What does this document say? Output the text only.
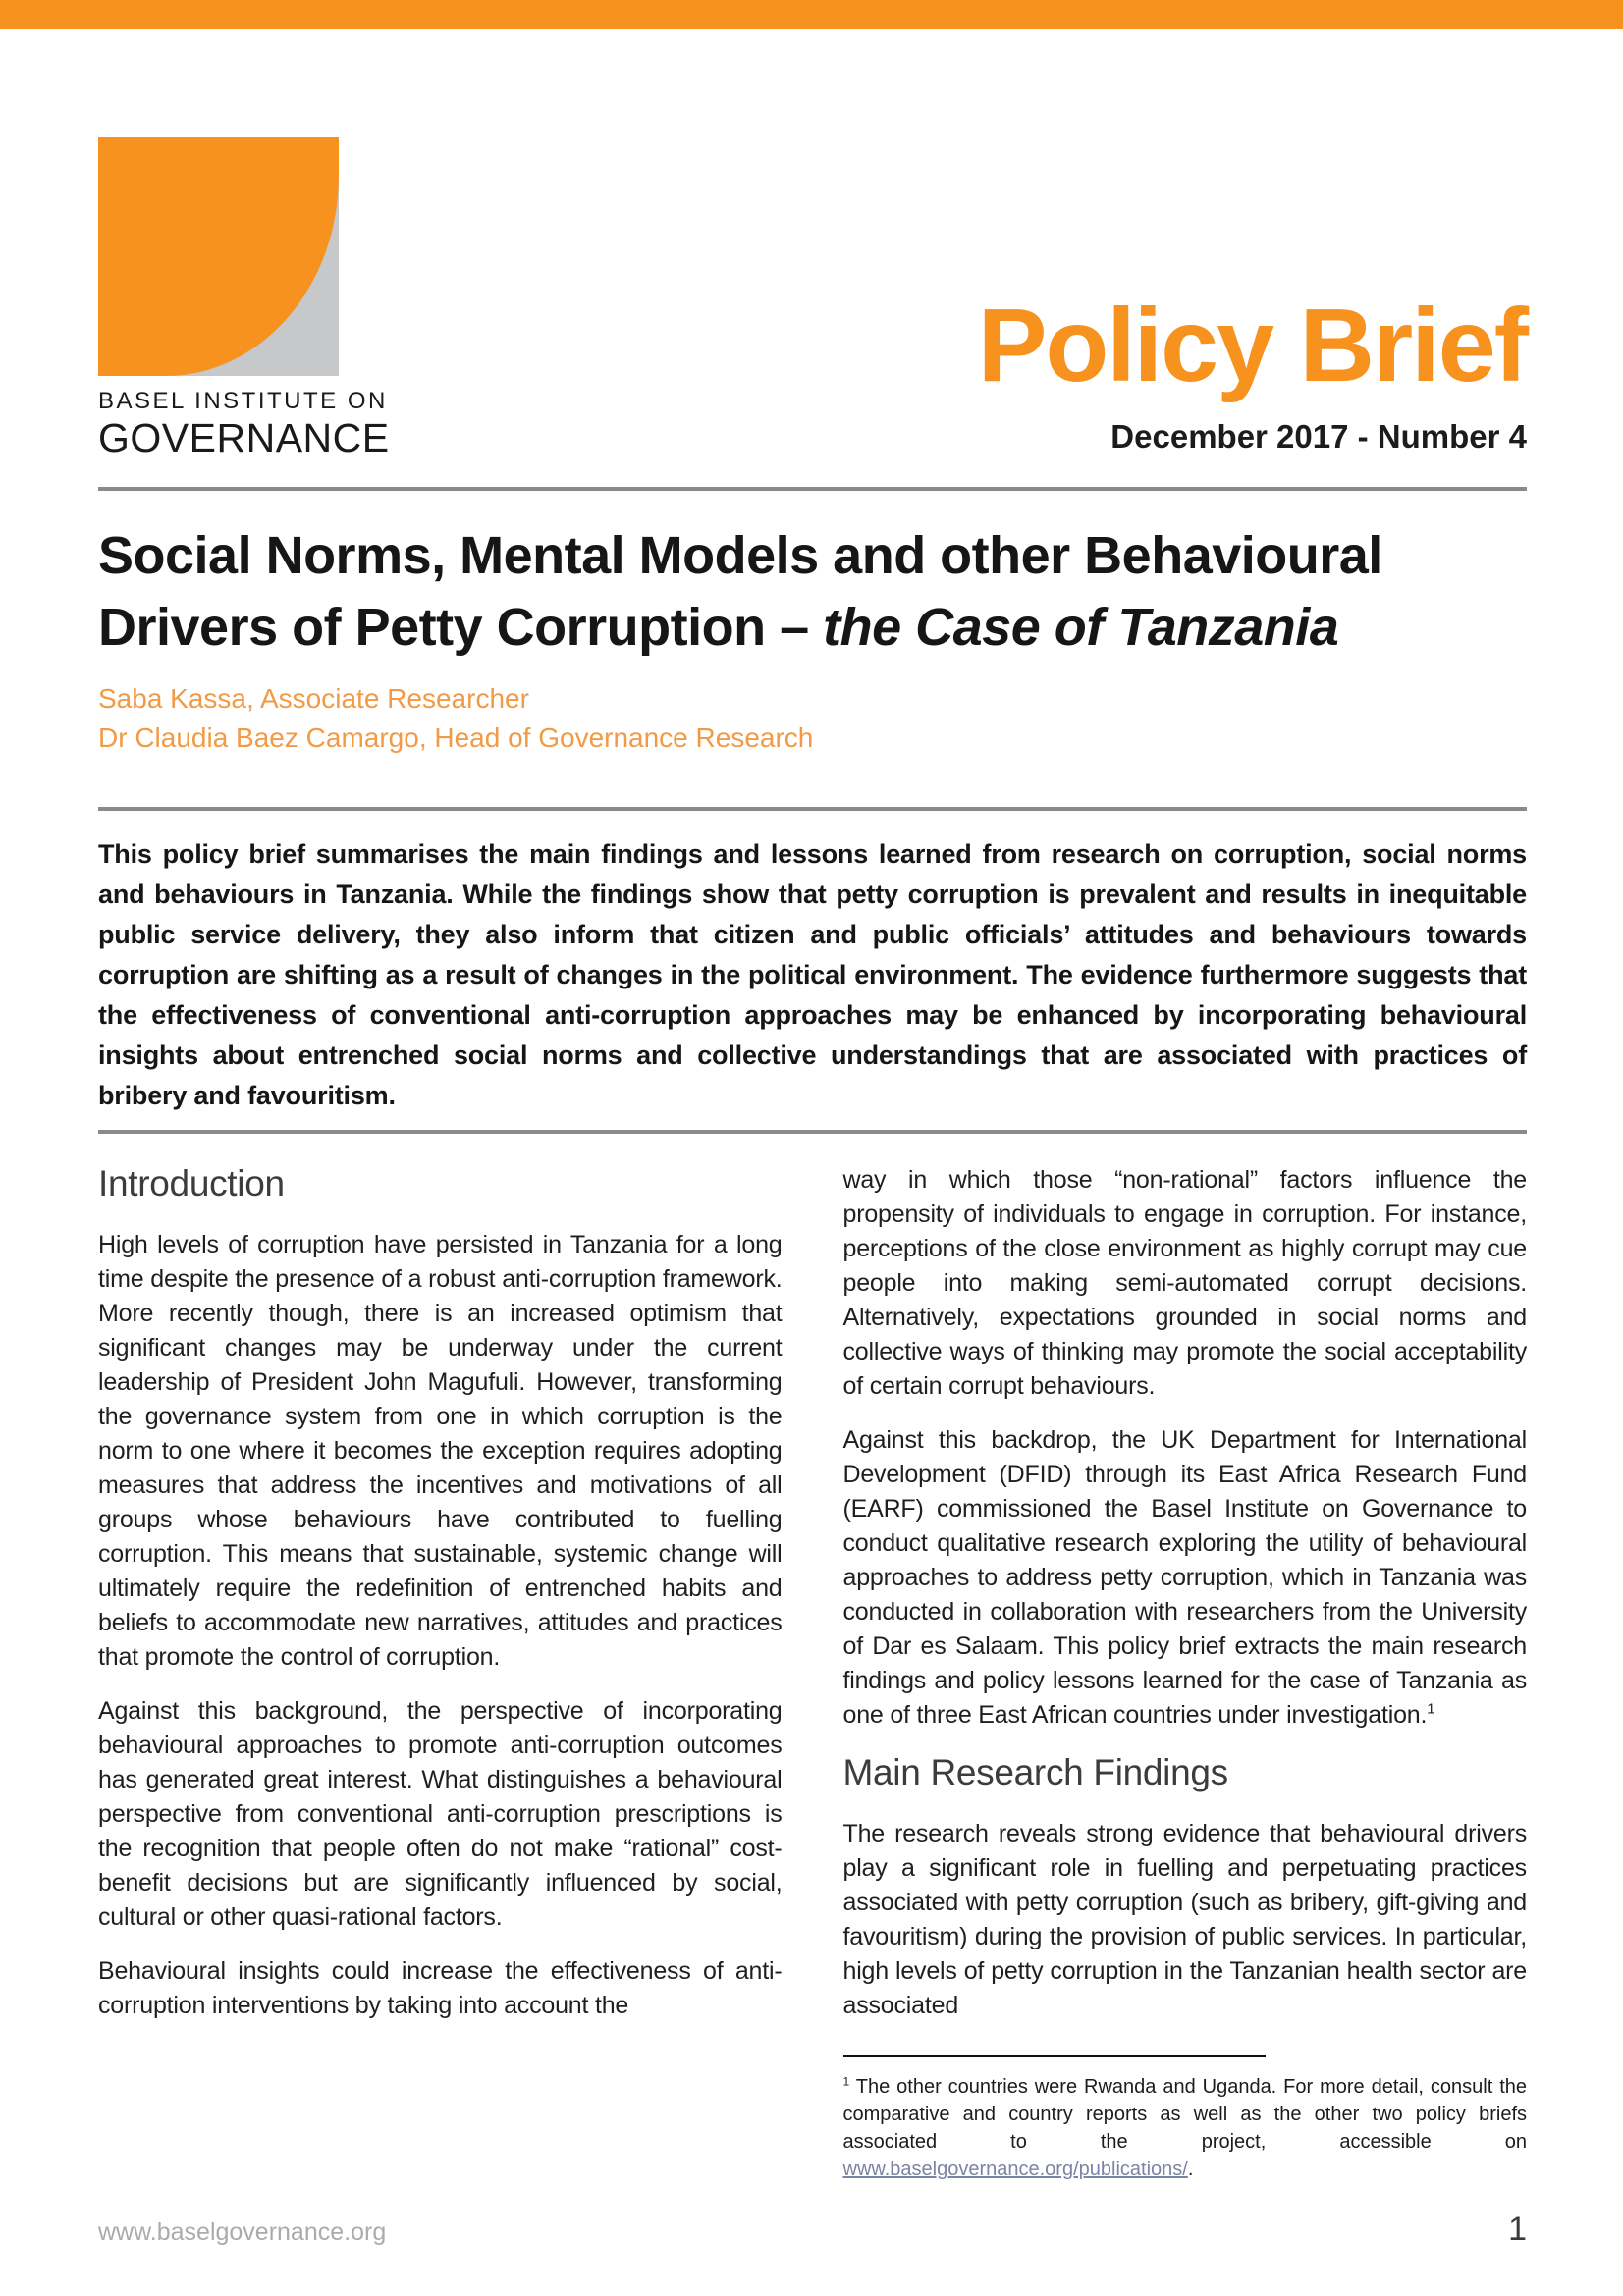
BASEL INSTITUTE ON
GOVERNANCE
Policy Brief
December 2017 - Number 4
Social Norms, Mental Models and other Behavioural
Drivers of Petty Corruption – the Case of Tanzania
Saba Kassa, Associate Researcher
Dr Claudia Baez Camargo, Head of Governance Research
This policy brief summarises the main findings and lessons learned from research on corruption, social norms and behaviours in Tanzania. While the findings show that petty corruption is prevalent and results in inequitable public service delivery, they also inform that citizen and public officials’ attitudes and behaviours towards corruption are shifting as a result of changes in the political environment. The evidence furthermore suggests that the effectiveness of conventional anti-corruption approaches may be enhanced by incorporating behavioural insights about entrenched social norms and collective understandings that are associated with practices of bribery and favouritism.
Introduction

High levels of corruption have persisted in Tanzania for a long time despite the presence of a robust anti-corruption framework. More recently though, there is an increased optimism that significant changes may be underway under the current leadership of President John Magufuli. However, transforming the governance system from one in which corruption is the norm to one where it becomes the exception requires adopting measures that address the incentives and motivations of all groups whose behaviours have contributed to fuelling corruption. This means that sustainable, systemic change will ultimately require the redefinition of entrenched habits and beliefs to accommodate new narratives, attitudes and practices that promote the control of corruption.

Against this background, the perspective of incorporating behavioural approaches to promote anti-corruption outcomes has generated great interest. What distinguishes a behavioural perspective from conventional anti-corruption prescriptions is the recognition that people often do not make “rational” cost-benefit decisions but are significantly influenced by social, cultural or other quasi-rational factors.

Behavioural insights could increase the effectiveness of anti-corruption interventions by taking into account the

way in which those “non-rational” factors influence the propensity of individuals to engage in corruption. For instance, perceptions of the close environment as highly corrupt may cue people into making semi-automated corrupt decisions. Alternatively, expectations grounded in social norms and collective ways of thinking may promote the social acceptability of certain corrupt behaviours.

Against this backdrop, the UK Department for International Development (DFID) through its East Africa Research Fund (EARF) commissioned the Basel Institute on Governance to conduct qualitative research exploring the utility of behavioural approaches to address petty corruption, which in Tanzania was conducted in collaboration with researchers from the University of Dar es Salaam. This policy brief extracts the main research findings and policy lessons learned for the case of Tanzania as one of three East African countries under investigation.$^1$

Main Research Findings

The research reveals strong evidence that behavioural drivers play a significant role in fuelling and perpetuating practices associated with petty corruption (such as bribery, gift-giving and favouritism) during the provision of public services. In particular, high levels of petty corruption in the Tanzanian health sector are associated

$^1$ The other countries were Rwanda and Uganda. For more detail, consult the comparative and country reports as well as the other two policy briefs associated to the project, accessible on www.baselgovernance.org/publications/.
www.baselgovernance.org	1
